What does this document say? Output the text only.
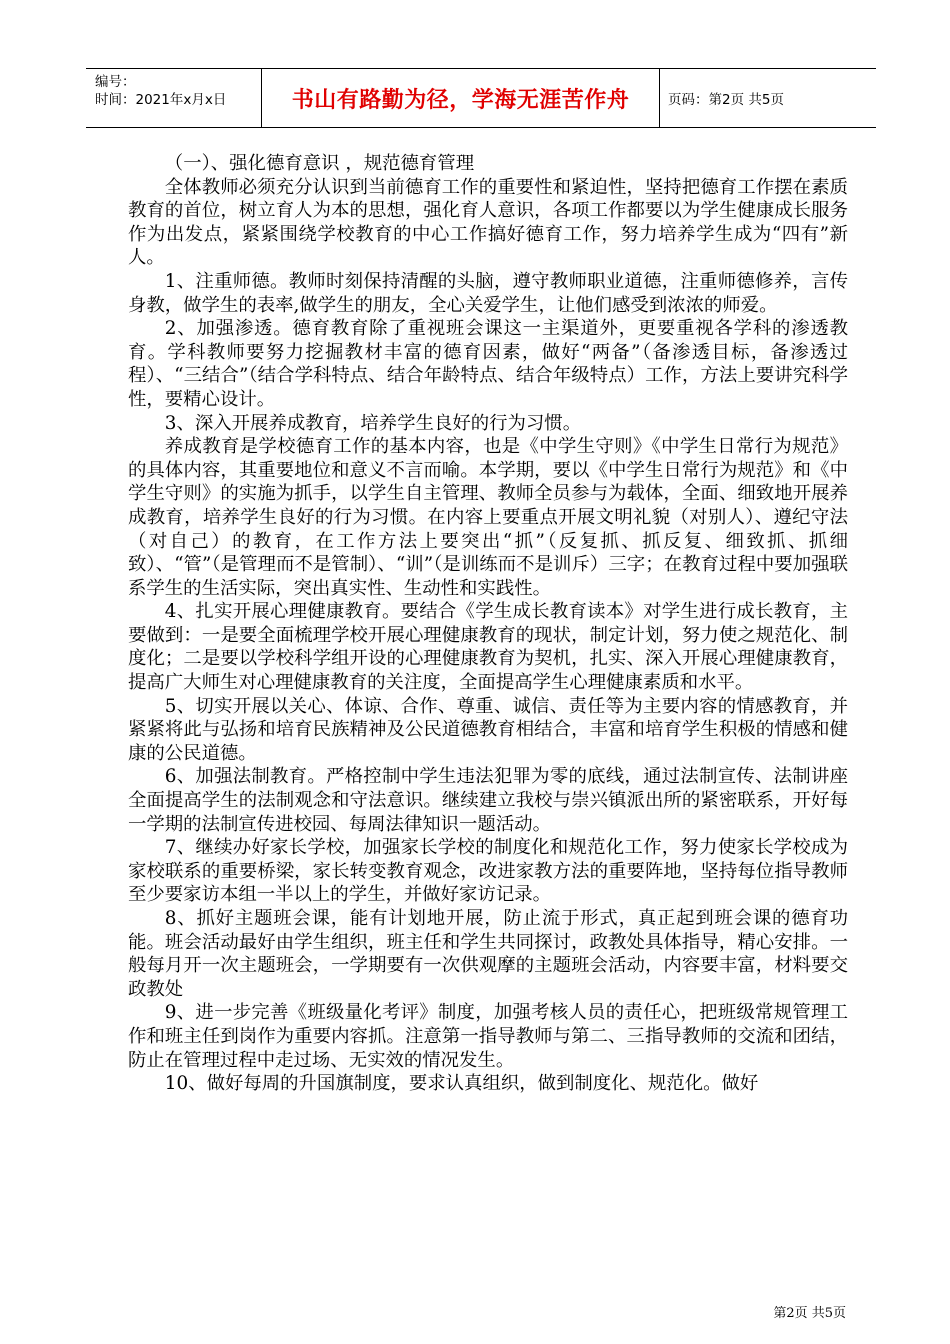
编号：
时间：2021年x月x日	书山有路勤为径，学海无涯苦作舟	页码：第2页 共5页

（一）、强化德育意识 ，规范德育管理

全体教师必须充分认识到当前德育工作的重要性和紧迫性，坚持把德育工作摆在素质教育的首位，树立育人为本的思想，强化育人意识，各项工作都要以为学生健康成长服务作为出发点，紧紧围绕学校教育的中心工作搞好德育工作，努力培养学生成为“四有”新人。

1、注重师德。教师时刻保持清醒的头脑，遵守教师职业道德，注重师德修养，言传身教，做学生的表率,做学生的朋友，全心关爱学生，让他们感受到浓浓的师爱。

2、加强渗透。德育教育除了重视班会课这一主渠道外，更要重视各学科的渗透教育。学科教师要努力挖掘教材丰富的德育因素，做好“两备”（备渗透目标，备渗透过程）、“三结合”（结合学科特点、结合年龄特点、结合年级特点）工作，方法上要讲究科学性，要精心设计。

3、深入开展养成教育，培养学生良好的行为习惯。

养成教育是学校德育工作的基本内容，也是《中学生守则》《中学生日常行为规范》的具体内容，其重要地位和意义不言而喻。本学期，要以《中学生日常行为规范》和《中学生守则》的实施为抓手，以学生自主管理、教师全员参与为载体，全面、细致地开展养成教育，培养学生良好的行为习惯。在内容上要重点开展文明礼貌（对别人）、遵纪守法（对自己）的教育，在工作方法上要突出“抓”（反复抓、抓反复、细致抓、抓细致）、“管”（是管理而不是管制）、“训”（是训练而不是训斥）三字；在教育过程中要加强联系学生的生活实际，突出真实性、生动性和实践性。

4、扎实开展心理健康教育。要结合《学生成长教育读本》对学生进行成长教育，主要做到：一是要全面梳理学校开展心理健康教育的现状，制定计划，努力使之规范化、制度化；二是要以学校科学组开设的心理健康教育为契机，扎实、深入开展心理健康教育，提高广大师生对心理健康教育的关注度，全面提高学生心理健康素质和水平。

5、切实开展以关心、体谅、合作、尊重、诚信、责任等为主要内容的情感教育，并紧紧将此与弘扬和培育民族精神及公民道德教育相结合，丰富和培育学生积极的情感和健康的公民道德。

6、加强法制教育。严格控制中学生违法犯罪为零的底线，通过法制宣传、法制讲座全面提高学生的法制观念和守法意识。继续建立我校与崇兴镇派出所的紧密联系，开好每一学期的法制宣传进校园、每周法律知识一题活动。

7、继续办好家长学校，加强家长学校的制度化和规范化工作，努力使家长学校成为家校联系的重要桥梁，家长转变教育观念，改进家教方法的重要阵地，坚持每位指导教师至少要家访本组一半以上的学生，并做好家访记录。

8、抓好主题班会课，能有计划地开展，防止流于形式，真正起到班会课的德育功能。班会活动最好由学生组织，班主任和学生共同探讨，政教处具体指导，精心安排。一般每月开一次主题班会，一学期要有一次供观摩的主题班会活动，内容要丰富，材料要交政教处

9、进一步完善《班级量化考评》制度，加强考核人员的责任心，把班级常规管理工作和班主任到岗作为重要内容抓。注意第一指导教师与第二、三指导教师的交流和团结，防止在管理过程中走过场、无实效的情况发生。

10、做好每周的升国旗制度，要求认真组织，做到制度化、规范化。做好

第2页 共5页
